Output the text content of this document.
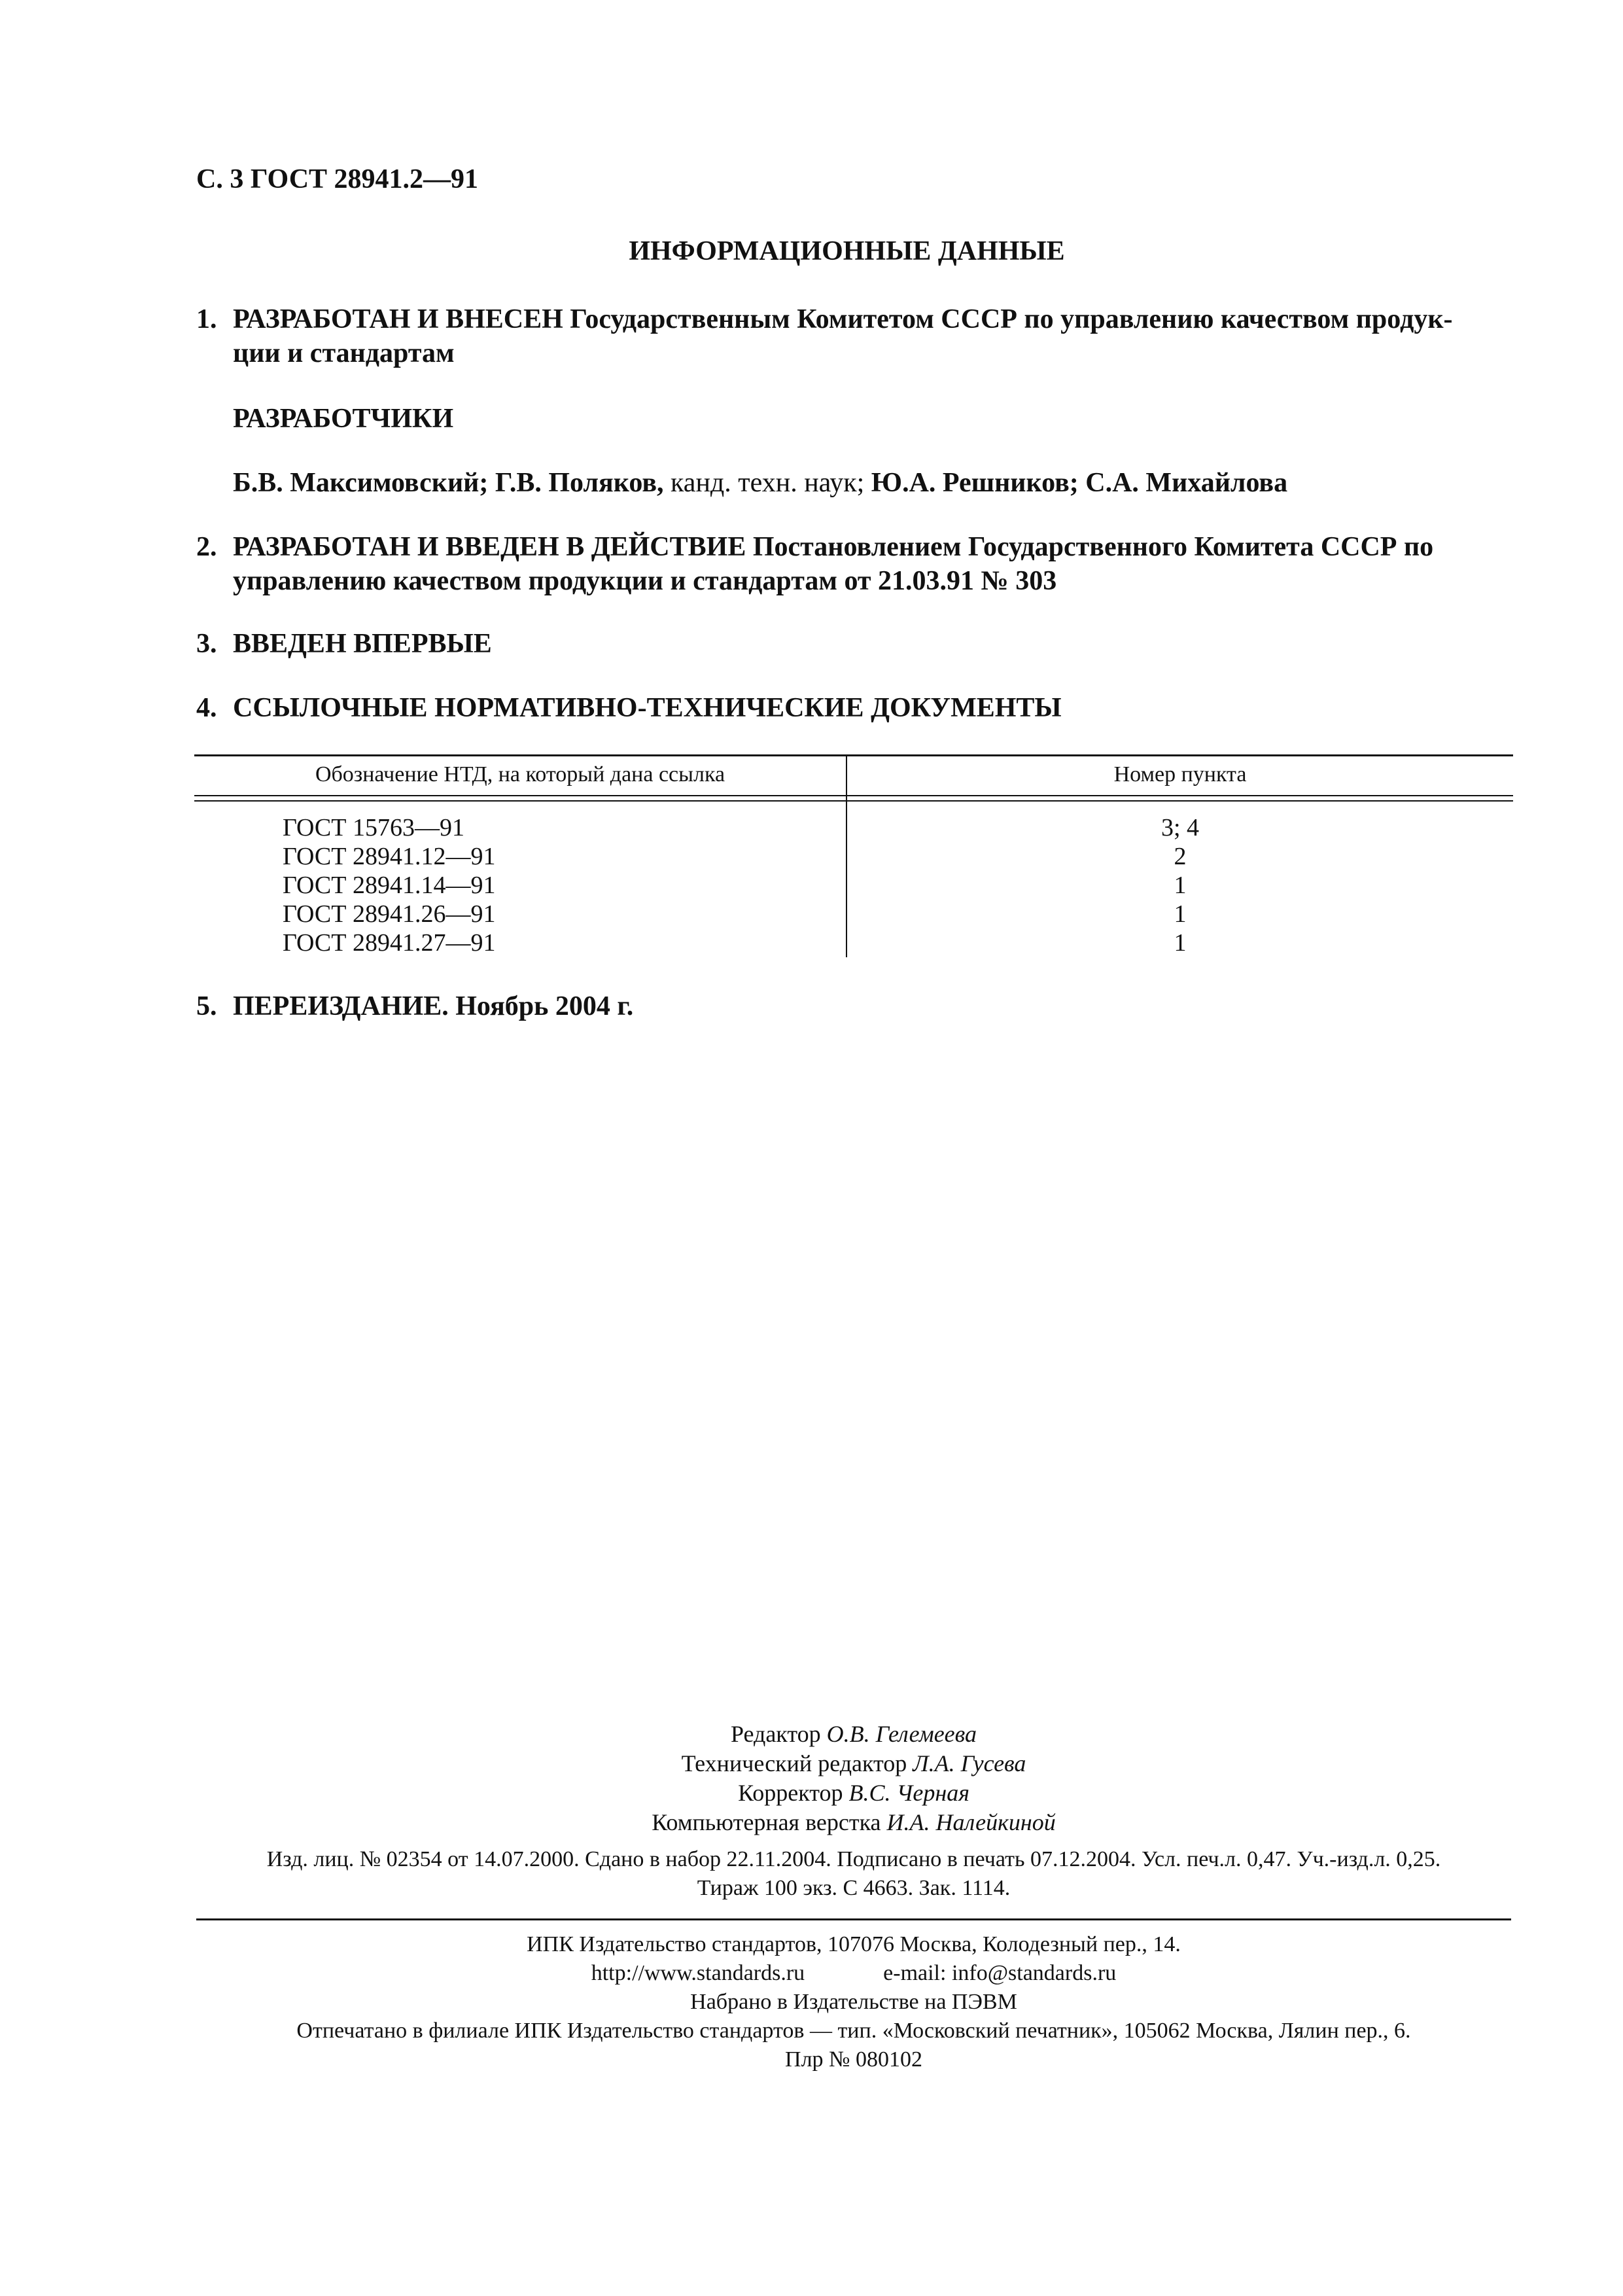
С. 3 ГОСТ 28941.2—91
ИНФОРМАЦИОННЫЕ ДАННЫЕ
1. РАЗРАБОТАН И ВНЕСЕН Государственным Комитетом СССР по управлению качеством продук-
ции и стандартам
РАЗРАБОТЧИКИ
Б.В. Максимовский; Г.В. Поляков, канд. техн. наук; Ю.А. Решников; С.А. Михайлова
2. РАЗРАБОТАН И ВВЕДЕН В ДЕЙСТВИЕ Постановлением Государственного Комитета СССР по
управлению качеством продукции и стандартам от 21.03.91 № 303
3. ВВЕДЕН ВПЕРВЫЕ
4. ССЫЛОЧНЫЕ НОРМАТИВНО-ТЕХНИЧЕСКИЕ ДОКУМЕНТЫ
Обозначение НТД, на который дана ссылка	Номер пункта
ГОСТ 15763—91	3; 4
ГОСТ 28941.12—91	2
ГОСТ 28941.14—91	1
ГОСТ 28941.26—91	1
ГОСТ 28941.27—91	1
5. ПЕРЕИЗДАНИЕ. Ноябрь 2004 г.
Редактор О.В. Гелемеева
Технический редактор Л.А. Гусева
Корректор В.С. Черная
Компьютерная верстка И.А. Налейкиной
Изд. лиц. № 02354 от 14.07.2000. Сдано в набор 22.11.2004. Подписано в печать 07.12.2004. Усл. печ.л. 0,47. Уч.-изд.л. 0,25.
Тираж 100 экз. С 4663. Зак. 1114.
ИПК Издательство стандартов, 107076 Москва, Колодезный пер., 14.
http://www.standards.ru	e-mail: info@standards.ru
Набрано в Издательстве на ПЭВМ
Отпечатано в филиале ИПК Издательство стандартов — тип. «Московский печатник», 105062 Москва, Лялин пер., 6.
Плр № 080102
